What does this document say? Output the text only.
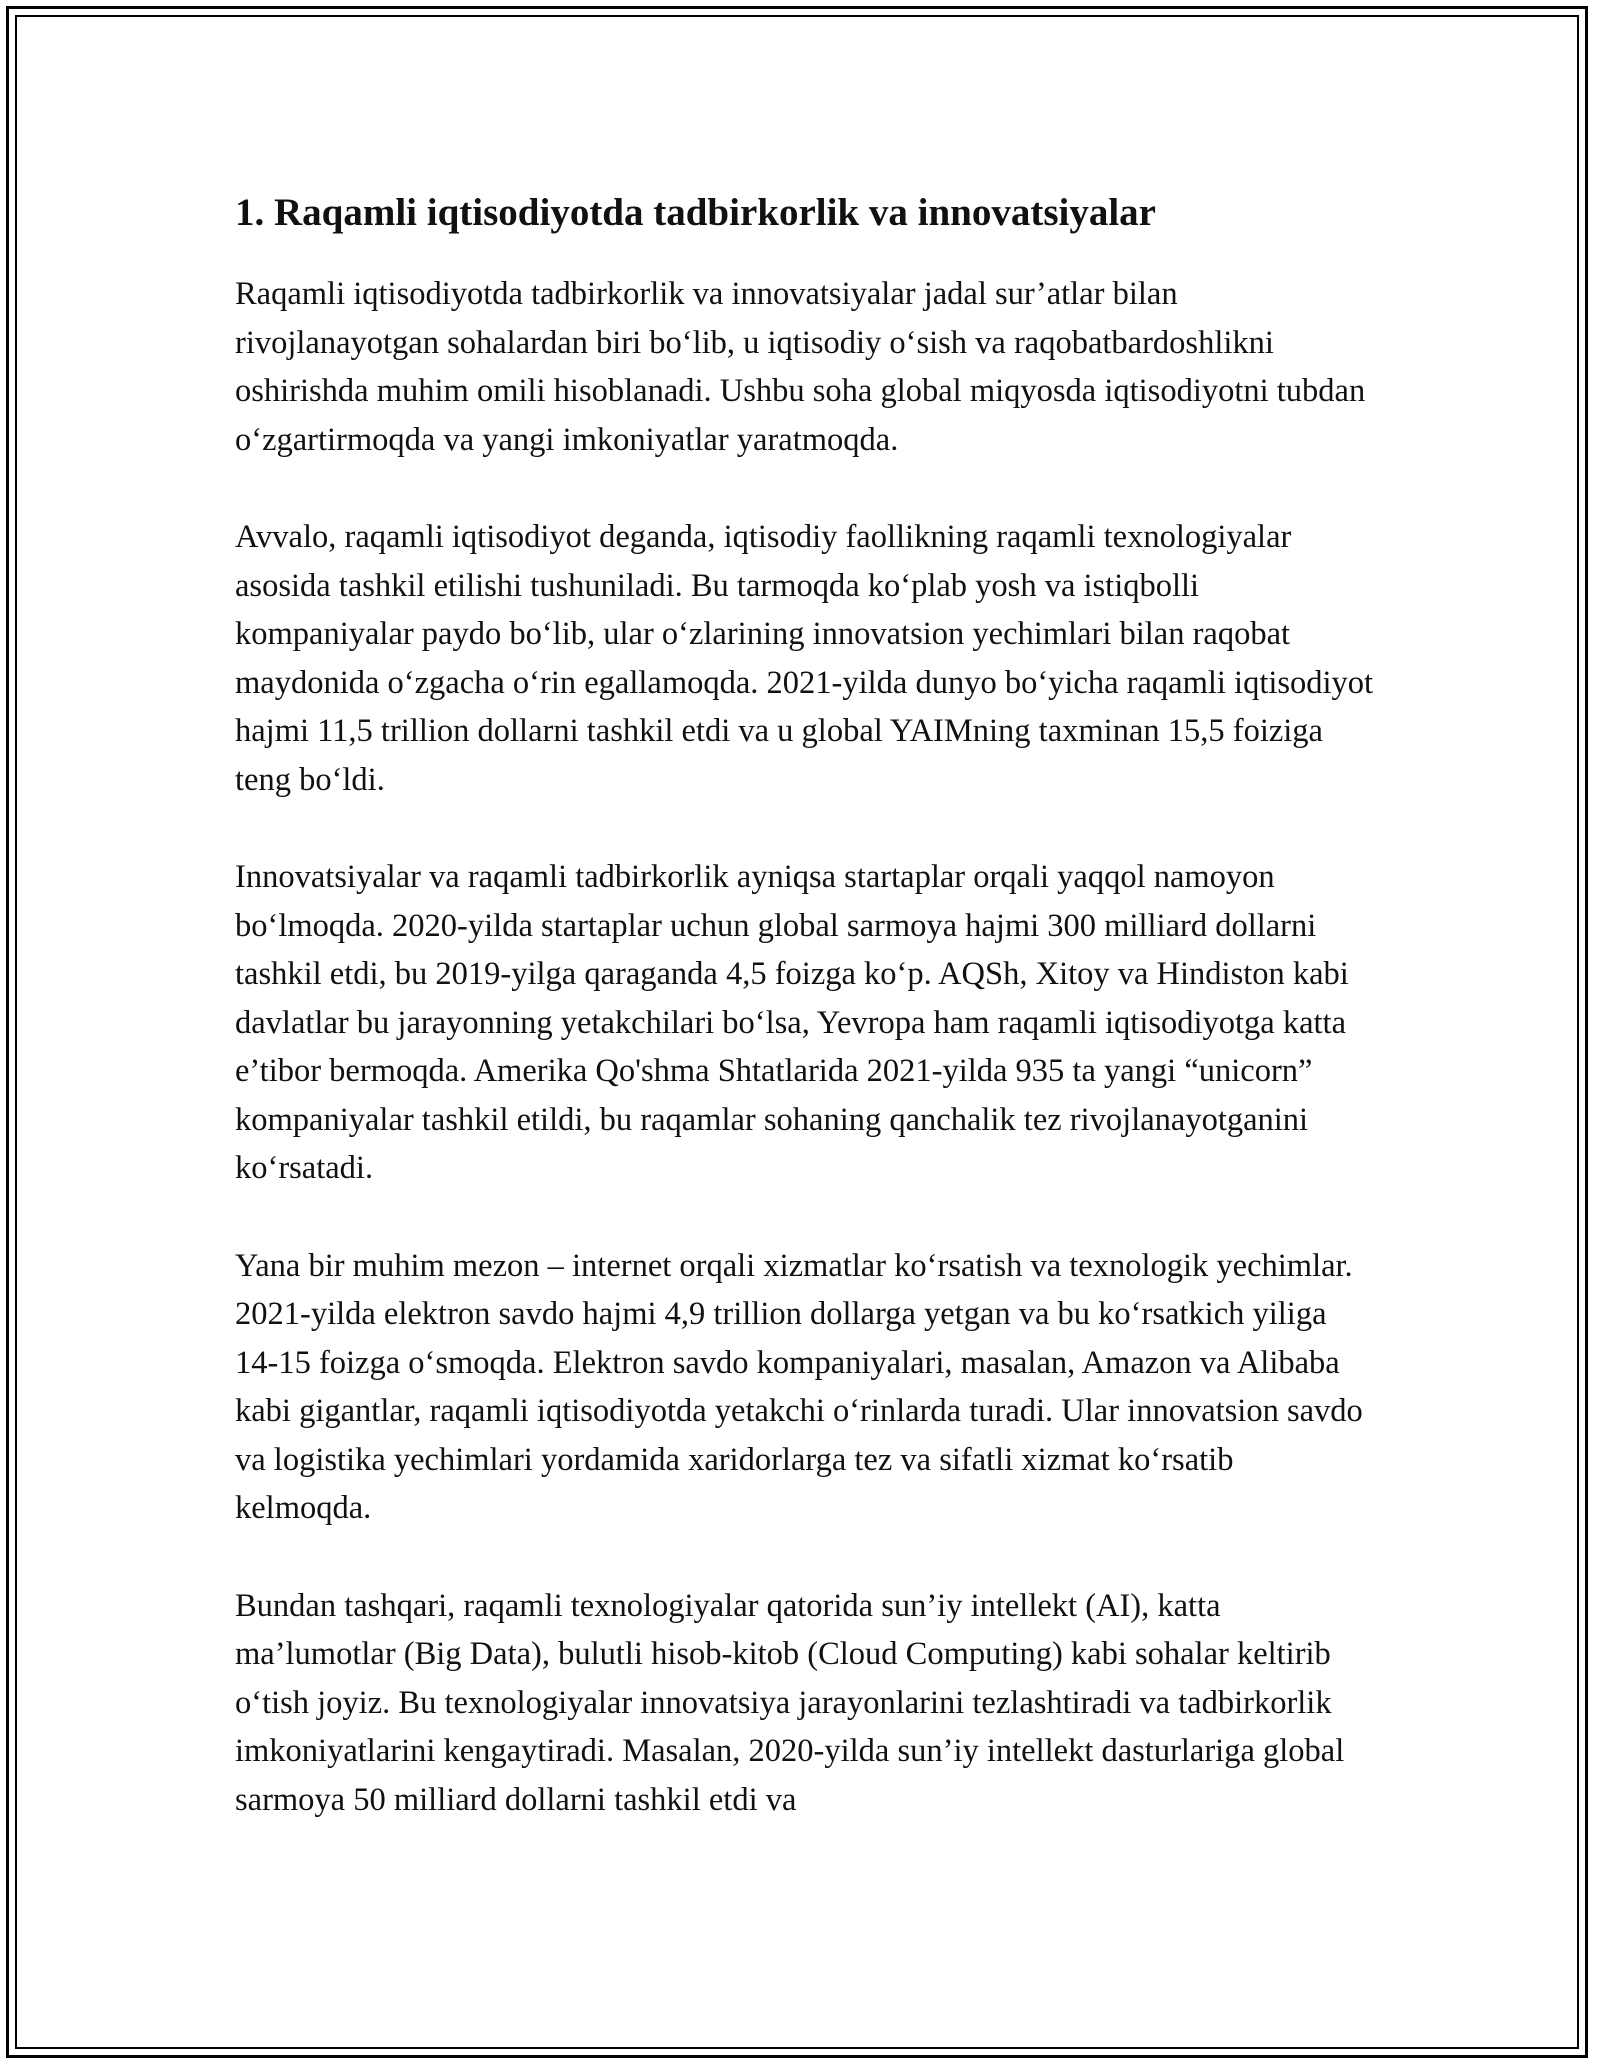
1. Raqamli iqtisodiyotda tadbirkorlik va innovatsiyalar

Raqamli iqtisodiyotda tadbirkorlik va innovatsiyalar jadal sur’atlar bilan rivojlanayotgan sohalardan biri bo‘lib, u iqtisodiy o‘sish va raqobatbardoshlikni oshirishda muhim omili hisoblanadi. Ushbu soha global miqyosda iqtisodiyotni tubdan o‘zgartirmoqda va yangi imkoniyatlar yaratmoqda.

Avvalo, raqamli iqtisodiyot deganda, iqtisodiy faollikning raqamli texnologiyalar asosida tashkil etilishi tushuniladi. Bu tarmoqda ko‘plab yosh va istiqbolli kompaniyalar paydo bo‘lib, ular o‘zlarining innovatsion yechimlari bilan raqobat maydonida o‘zgacha o‘rin egallamoqda. 2021-yilda dunyo bo‘yicha raqamli iqtisodiyot hajmi 11,5 trillion dollarni tashkil etdi va u global YAIMning taxminan 15,5 foiziga teng bo‘ldi.

Innovatsiyalar va raqamli tadbirkorlik ayniqsa startaplar orqali yaqqol namoyon bo‘lmoqda. 2020-yilda startaplar uchun global sarmoya hajmi 300 milliard dollarni tashkil etdi, bu 2019-yilga qaraganda 4,5 foizga ko‘p. AQSh, Xitoy va Hindiston kabi davlatlar bu jarayonning yetakchilari bo‘lsa, Yevropa ham raqamli iqtisodiyotga katta e’tibor bermoqda. Amerika Qo'shma Shtatlarida 2021-yilda 935 ta yangi “unicorn” kompaniyalar tashkil etildi, bu raqamlar sohaning qanchalik tez rivojlanayotganini ko‘rsatadi.

Yana bir muhim mezon – internet orqali xizmatlar ko‘rsatish va texnologik yechimlar. 2021-yilda elektron savdo hajmi 4,9 trillion dollarga yetgan va bu ko‘rsatkich yiliga 14-15 foizga o‘smoqda. Elektron savdo kompaniyalari, masalan, Amazon va Alibaba kabi gigantlar, raqamli iqtisodiyotda yetakchi o‘rinlarda turadi. Ular innovatsion savdo va logistika yechimlari yordamida xaridorlarga tez va sifatli xizmat ko‘rsatib kelmoqda.

Bundan tashqari, raqamli texnologiyalar qatorida sun’iy intellekt (AI), katta ma’lumotlar (Big Data), bulutli hisob-kitob (Cloud Computing) kabi sohalar keltirib o‘tish joyiz. Bu texnologiyalar innovatsiya jarayonlarini tezlashtiradi va tadbirkorlik imkoniyatlarini kengaytiradi. Masalan, 2020-yilda sun’iy intellekt dasturlariga global sarmoya 50 milliard dollarni tashkil etdi va
